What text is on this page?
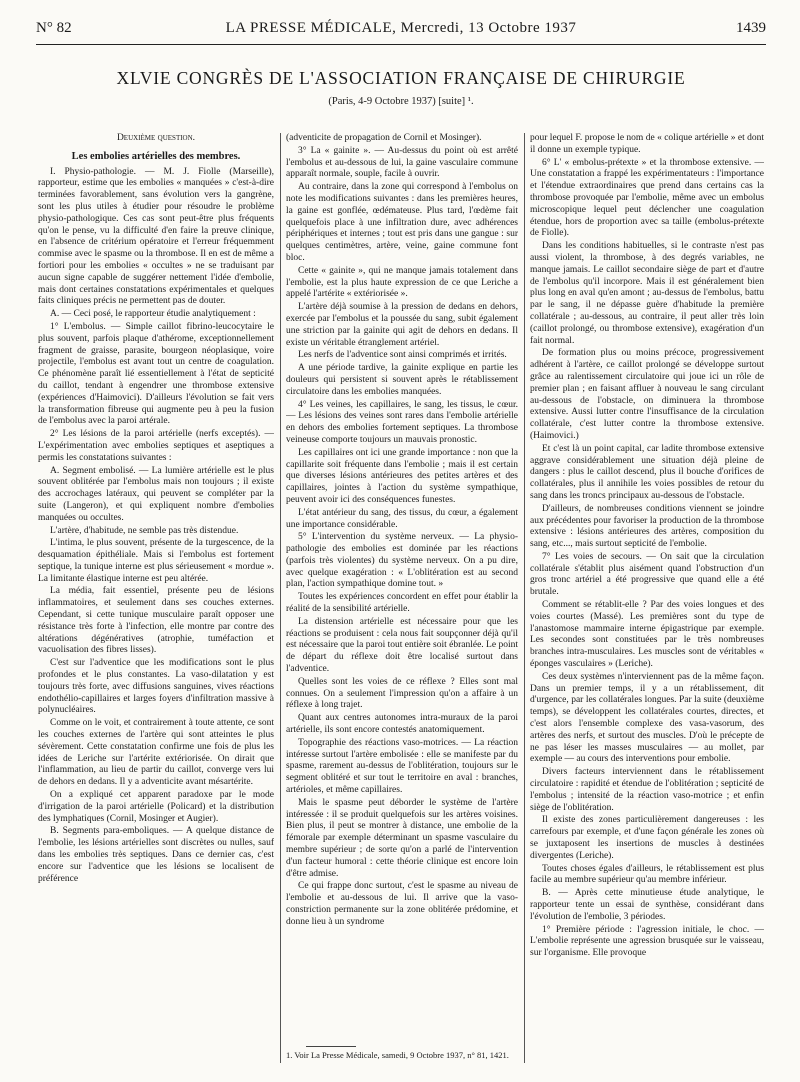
N° 82	LA PRESSE MÉDICALE, Mercredi, 13 Octobre 1937	1439
XLVIE CONGRÈS DE L'ASSOCIATION FRANÇAISE DE CHIRURGIE
(Paris, 4-9 Octobre 1937) [suite] ¹.

Deuxième question.

Les embolies artérielles des membres.

I. Physio-pathologie. — M. J. Fiolle (Marseille), rapporteur, estime que les embolies « manquées » c'est-à-dire terminées favorablement, sans évolution vers la gangrène, sont les plus utiles à étudier pour résoudre le problème physio-pathologique. Ces cas sont peut-être plus fréquents qu'on le pense, vu la difficulté d'en faire la preuve clinique, en l'absence de critérium opératoire et l'erreur fréquemment commise avec le spasme ou la thrombose. Il en est de même a fortiori pour les embolies « occultes » ne se traduisant par aucun signe capable de suggérer nettement l'idée d'embolie, mais dont certaines constatations expérimentales et quelques faits cliniques précis ne permettent pas de douter.

A. — Ceci posé, le rapporteur étudie analytiquement :

1° L'embolus. — Simple caillot fibrino-leucocytaire le plus souvent, parfois plaque d'athérome, exceptionnellement fragment de graisse, parasite, bourgeon néoplasique, voire projectile, l'embolus est avant tout un centre de coagulation. Ce phénomène paraît lié essentiellement à l'état de septicité du caillot, tendant à engendrer une thrombose extensive (expériences d'Haimovici). D'ailleurs l'évolution se fait vers la transformation fibreuse qui augmente peu à peu la fusion de l'embolus avec la paroi artérale.

2° Les lésions de la paroi artérielle (nerfs exceptés). — L'expérimentation avec embolies septiques et aseptiques a permis les constatations suivantes :

A. Segment embolisé. — La lumière artérielle est le plus souvent oblitérée par l'embolus mais non toujours ; il existe des accrochages latéraux, qui peuvent se compléter par la suite (Langeron), et qui expliquent nombre d'embolies manquées ou occultes.

L'artère, d'habitude, ne semble pas très distendue.

L'intima, le plus souvent, présente de la turgescence, de la desquamation épithéliale. Mais si l'embolus est fortement septique, la tunique interne est plus sérieusement « mordue ». La limitante élastique interne est peu altérée.

La média, fait essentiel, présente peu de lésions inflammatoires, et seulement dans ses couches externes. Cependant, si cette tunique musculaire paraît opposer une résistance très forte à l'infection, elle montre par contre des altérations dégénératives (atrophie, tuméfaction et vacuolisation des fibres lisses).

C'est sur l'adventice que les modifications sont le plus profondes et le plus constantes. La vaso-dilatation y est toujours très forte, avec diffusions sanguines, vives réactions endothélio-capillaires et larges foyers d'infiltration massive à polynucléaires.

Comme on le voit, et contrairement à toute attente, ce sont les couches externes de l'artère qui sont atteintes le plus sévèrement. Cette constatation confirme une fois de plus les idées de Leriche sur l'artérite extériorisée. On dirait que l'inflammation, au lieu de partir du caillot, converge vers lui de dehors en dedans. Il y a adventicite avant mésartérite.

On a expliqué cet apparent paradoxe par le mode d'irrigation de la paroi artérielle (Policard) et la distribution des lymphatiques (Cornil, Mosinger et Augier).

B. Segments para-emboliques. — A quelque distance de l'embolie, les lésions artérielles sont discrètes ou nulles, sauf dans les embolies très septiques. Dans ce dernier cas, c'est encore sur l'adventice que les lésions se localisent de préférence

(adventicite de propagation de Cornil et Mosinger).

3° La « gainite ». — Au-dessus du point où est arrêté l'embolus et au-dessous de lui, la gaine vasculaire commune apparaît normale, souple, facile à ouvrir.

Au contraire, dans la zone qui correspond à l'embolus on note les modifications suivantes : dans les premières heures, la gaine est gonflée, œdémateuse. Plus tard, l'œdème fait quelquefois place à une infiltration dure, avec adhérences périphériques et internes ; tout est pris dans une gangue : sur quelques centimètres, artère, veine, gaine commune font bloc.

Cette « gainite », qui ne manque jamais totalement dans l'embolie, est la plus haute expression de ce que Leriche a appelé l'artérite « extériorisée ».

L'artère déjà soumise à la pression de dedans en dehors, exercée par l'embolus et la poussée du sang, subit également une striction par la gainite qui agit de dehors en dedans. Il existe un véritable étranglement artériel.

Les nerfs de l'adventice sont ainsi comprimés et irrités.

A une période tardive, la gainite explique en partie les douleurs qui persistent si souvent après le rétablissement circulatoire dans les embolies manquées.

4° Les veines, les capillaires, le sang, les tissus, le cœur. — Les lésions des veines sont rares dans l'embolie artérielle en dehors des embolies fortement septiques. La thrombose veineuse comporte toujours un mauvais pronostic.

Les capillaires ont ici une grande importance : non que la capillarite soit fréquente dans l'embolie ; mais il est certain que diverses lésions antérieures des petites artères et des capillaires, jointes à l'action du système sympathique, peuvent avoir ici des conséquences funestes.

L'état antérieur du sang, des tissus, du cœur, a également une importance considérable.

5° L'intervention du système nerveux. — La physio-pathologie des embolies est dominée par les réactions (parfois très violentes) du système nerveux. On a pu dire, avec quelque exagération : « L'oblitération est au second plan, l'action sympathique domine tout. »

Toutes les expériences concordent en effet pour établir la réalité de la sensibilité artérielle.

La distension artérielle est nécessaire pour que les réactions se produisent : cela nous fait soupçonner déjà qu'il est nécessaire que la paroi tout entière soit ébranlée. Le point de départ du réflexe doit être localisé surtout dans l'adventice.

Quelles sont les voies de ce réflexe ? Elles sont mal connues. On a seulement l'impression qu'on a affaire à un réflexe à long trajet.

Quant aux centres autonomes intra-muraux de la paroi artérielle, ils sont encore contestés anatomiquement.

Topographie des réactions vaso-motrices. — La réaction intéresse surtout l'artère embolisée : elle se manifeste par du spasme, rarement au-dessus de l'oblitération, toujours sur le segment oblitéré et sur tout le territoire en aval : branches, artérioles, et même capillaires.

Mais le spasme peut déborder le système de l'artère intéressée : il se produit quelquefois sur les artères voisines. Bien plus, il peut se montrer à distance, une embolie de la fémorale par exemple déterminant un spasme vasculaire du membre supérieur ; de sorte qu'on a parlé de l'intervention d'un facteur humoral : cette théorie clinique est encore loin d'être admise.

Ce qui frappe donc surtout, c'est le spasme au niveau de l'embolie et au-dessous de lui. Il arrive que la vaso-constriction permanente sur la zone oblitérée prédomine, et donne lieu à un syndrome

1. Voir La Presse Médicale, samedi, 9 Octobre 1937, n° 81, 1421.

pour lequel F. propose le nom de « colique artérielle » et dont il donne un exemple typique.

6° L' « embolus-prétexte » et la thrombose extensive. — Une constatation a frappé les expérimentateurs : l'importance et l'étendue extraordinaires que prend dans certains cas la thrombose provoquée par l'embolie, même avec un embolus microscopique lequel peut déclencher une coagulation étendue, hors de proportion avec sa taille (embolus-prétexte de Fiolle).

Dans les conditions habituelles, si le contraste n'est pas aussi violent, la thrombose, à des degrés variables, ne manque jamais. Le caillot secondaire siège de part et d'autre de l'embolus qu'il incorpore. Mais il est généralement bien plus long en aval qu'en amont ; au-dessus de l'embolus, battu par le sang, il ne dépasse guère d'habitude la première collatérale ; au-dessous, au contraire, il peut aller très loin (caillot prolongé, ou thrombose extensive), exagération d'un fait normal.

De formation plus ou moins précoce, progressivement adhérent à l'artère, ce caillot prolongé se développe surtout grâce au ralentissement circulatoire qui joue ici un rôle de premier plan ; en faisant affluer à nouveau le sang circulant au-dessous de l'obstacle, on diminuera la thrombose extensive. Aussi lutter contre l'insuffisance de la circulation collatérale, c'est lutter contre la thrombose extensive. (Haimovici.)

Et c'est là un point capital, car ladite thrombose extensive aggrave considérablement une situation déjà pleine de dangers : plus le caillot descend, plus il bouche d'orifices de collatérales, plus il annihile les voies possibles de retour du sang dans les troncs principaux au-dessous de l'obstacle.

D'ailleurs, de nombreuses conditions viennent se joindre aux précédentes pour favoriser la production de la thrombose extensive : lésions antérieures des artères, composition du sang, etc..., mais surtout septicité de l'embolie.

7° Les voies de secours. — On sait que la circulation collatérale s'établit plus aisément quand l'obstruction d'un gros tronc artériel a été progressive que quand elle a été brutale.

Comment se rétablit-elle ? Par des voies longues et des voies courtes (Massé). Les premières sont du type de l'anastomose mammaire interne épigastrique par exemple. Les secondes sont constituées par le très nombreuses branches intra-musculaires. Les muscles sont de véritables « éponges vasculaires » (Leriche).

Ces deux systèmes n'interviennent pas de la même façon. Dans un premier temps, il y a un rétablissement, dit d'urgence, par les collatérales longues. Par la suite (deuxième temps), se développent les collatérales courtes, directes, et c'est alors l'ensemble complexe des vasa-vasorum, des artères des nerfs, et surtout des muscles. D'où le précepte de ne pas léser les masses musculaires — au mollet, par exemple — au cours des interventions pour embolie.

Divers facteurs interviennent dans le rétablissement circulatoire : rapidité et étendue de l'oblitération ; septicité de l'embolus ; intensité de la réaction vaso-motrice ; et enfin siège de l'oblitération.

Il existe des zones particulièrement dangereuses : les carrefours par exemple, et d'une façon générale les zones où se juxtaposent les insertions de muscles à destinées divergentes (Leriche).

Toutes choses égales d'ailleurs, le rétablissement est plus facile au membre supérieur qu'au membre inférieur.

B. — Après cette minutieuse étude analytique, le rapporteur tente un essai de synthèse, considérant dans l'évolution de l'embolie, 3 périodes.

1° Première période : l'agression initiale, le choc. — L'embolie représente une agression brusquée sur le vaisseau, sur l'organisme. Elle provoque
